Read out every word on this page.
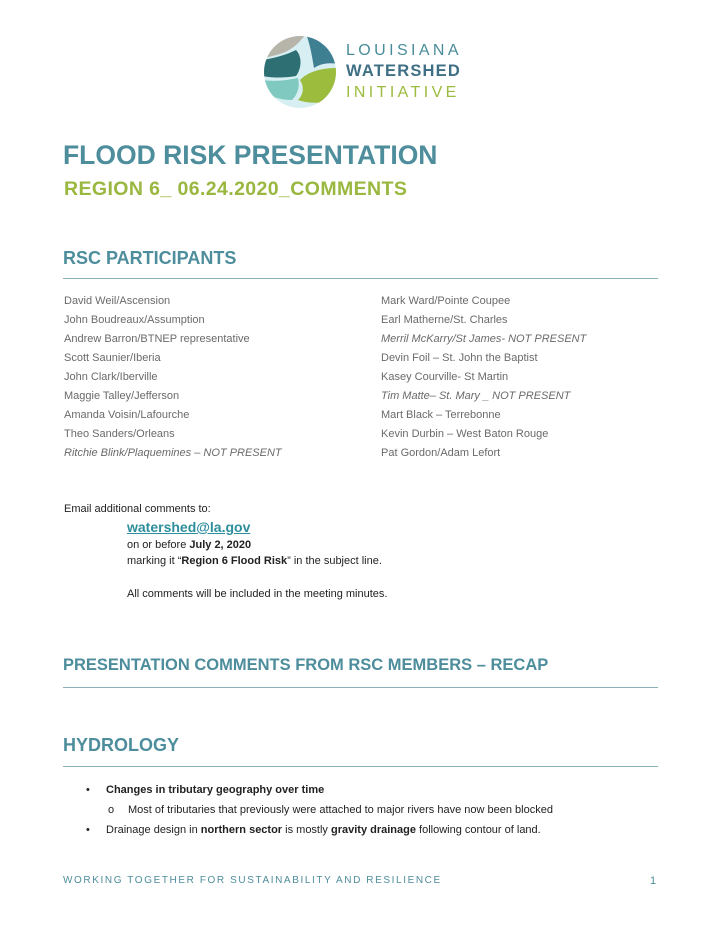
LOUISIANA
WATERSHED
INITIATIVE
FLOOD RISK PRESENTATION
REGION 6_ 06.24.2020_COMMENTS
RSC PARTICIPANTS
David Weil/Ascension
John Boudreaux/Assumption
Andrew Barron/BTNEP representative
Scott Saunier/Iberia
John Clark/Iberville
Maggie Talley/Jefferson
Amanda Voisin/Lafourche
Theo Sanders/Orleans
Ritchie Blink/Plaquemines – NOT PRESENT
Mark Ward/Pointe Coupee
Earl Matherne/St. Charles
Merril McKarry/St James- NOT PRESENT
Devin Foil – St. John the Baptist
Kasey Courville- St Martin
Tim Matte– St. Mary _ NOT PRESENT
Mart Black – Terrebonne
Kevin Durbin – West Baton Rouge
Pat Gordon/Adam Lefort

Email additional comments to:

watershed@la.gov
on or before July 2, 2020
marking it “Region 6 Flood Risk” in the subject line.
All comments will be included in the meeting minutes.
PRESENTATION COMMENTS FROM RSC MEMBERS – RECAP
HYDROLOGY
• Changes in tributary geography over time
o Most of tributaries that previously were attached to major rivers have now been blocked
• Drainage design in northern sector is mostly gravity drainage following contour of land.
WORKING TOGETHER FOR SUSTAINABILITY AND RESILIENCE	1
